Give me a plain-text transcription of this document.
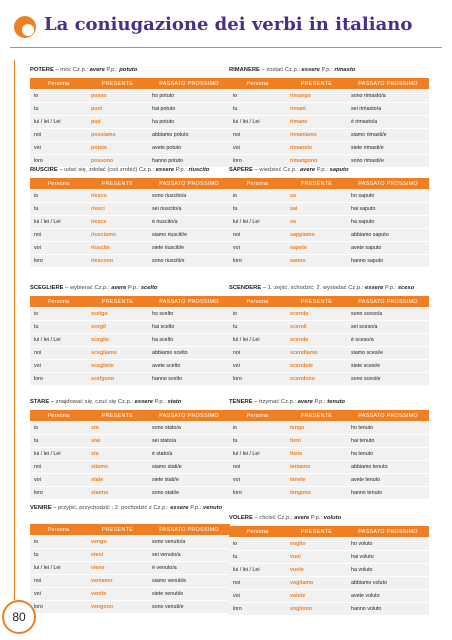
La coniugazione dei verbi in italiano
POTERE – móc Cz.p.: avere P.p.: potuto
Persona	PRESENTE	PASSATO PROSSIMO
io	posso	ho potuto
tu	puoi	hai potuto
lui / lei / Lei	può	ha potuto
noi	possiamo	abbiamo potuto
voi	potete	avete potuto
loro	possono	hanno potuto
RIMANERE – zostać Cz.p.: essere P.p.: rimasto
Persona	PRESENTE	PASSATO PROSSIMO
io	rimango	sono rimasto/a
tu	rimani	sei rimasto/a
lui / lei / Lei	rimane	è rimasto/a
noi	rimaniamo	siamo rimasti/e
voi	rimanete	siete rimasti/e
loro	rimangono	sono rimasti/e
RIUSCIRE – udać się, zdołać (coś zrobić) Cz.p.: essere P.p.: riuscito
Persona	PRESENTE	PASSATO PROSSIMO
io	riesco	sono riuscito/a
tu	riesci	sei riuscito/a
lui / lei / Lei	riesce	è riuscito/a
noi	riusciamo	siamo riusciti/e
voi	riuscite	siete riusciti/e
loro	riescono	sono riusciti/e
SAPERE – wiedzieć Cz.p.: avere P.p.: saputo
Persona	PRESENTE	PASSATO PROSSIMO
io	so	ho saputo
tu	sai	hai saputo
lui / lei / Lei	sa	ha saputo
noi	sappiamo	abbiamo saputo
voi	sapete	avete saputo
loro	sanno	hanno saputo
SCEGLIERE – wybierać Cz.p.: avere P.p.: scelto
Persona	PRESENTE	PASSATO PROSSIMO
io	scelgo	ho scelto
tu	scegli	hai scelto
lui / lei / Lei	sceglie	ha scelto
noi	scegliamo	abbiamo scelto
voi	scegliete	avete scelto
loro	scelgono	hanno scelto
SCENDERE – 1. zejść, schodzić; 2. wysiadać Cz.p.: essere P.p.: sceso
Persona	PRESENTE	PASSATO PROSSIMO
io	scendo	sono sceso/a
tu	scendi	sei sceso/a
lui / lei / Lei	scende	è sceso/a
noi	scendiamo	siamo scesi/e
voi	scendete	siete scesi/e
loro	scendono	sono scesi/e
STARE – znajdować się, czuć się Cz.p.: essere P.p.: stato
Persona	PRESENTE	PASSATO PROSSIMO
io	sto	sono stato/a
tu	stai	sei stato/a
lui / lei / Lei	sta	è stato/a
noi	stiamo	siamo stati/e
voi	state	siete stati/e
loro	stanno	sono stati/e
TENERE – trzymać Cz.p.: avere P.p.: tenuto
Persona	PRESENTE	PASSATO PROSSIMO
io	tengo	ho tenuto
tu	tieni	hai tenuto
lui / lei / Lei	tiene	ha tenuto
noi	teniamo	abbiamo tenuto
voi	tenete	avete tenuto
loro	tengono	hanno tenuto
VENIRE – przyjść, przychodzić ; 2. pochodzić z Cz.p.: essere P.p.: venuto
Persona	PRESENTE	PASSATO PROSSIMO
io	vengo	sono venuto/a
tu	vieni	sei venuto/a
lui / lei / Lei	viene	è venuto/a
noi	veniamo	siamo venuti/e
voi	venite	siete venuti/e
loro	vengono	sono venuti/e
VOLERE – chcieć Cz.p.: avere P.p.: voluto
Persona	PRESENTE	PASSATO PROSSIMO
io	voglio	ho voluto
tu	vuoi	hai voluto
lui / lei / Lei	vuole	ha voluto
noi	vogliamo	abbiamo voluto
voi	volete	avete voluto
loro	vogliono	hanno voluto
80
